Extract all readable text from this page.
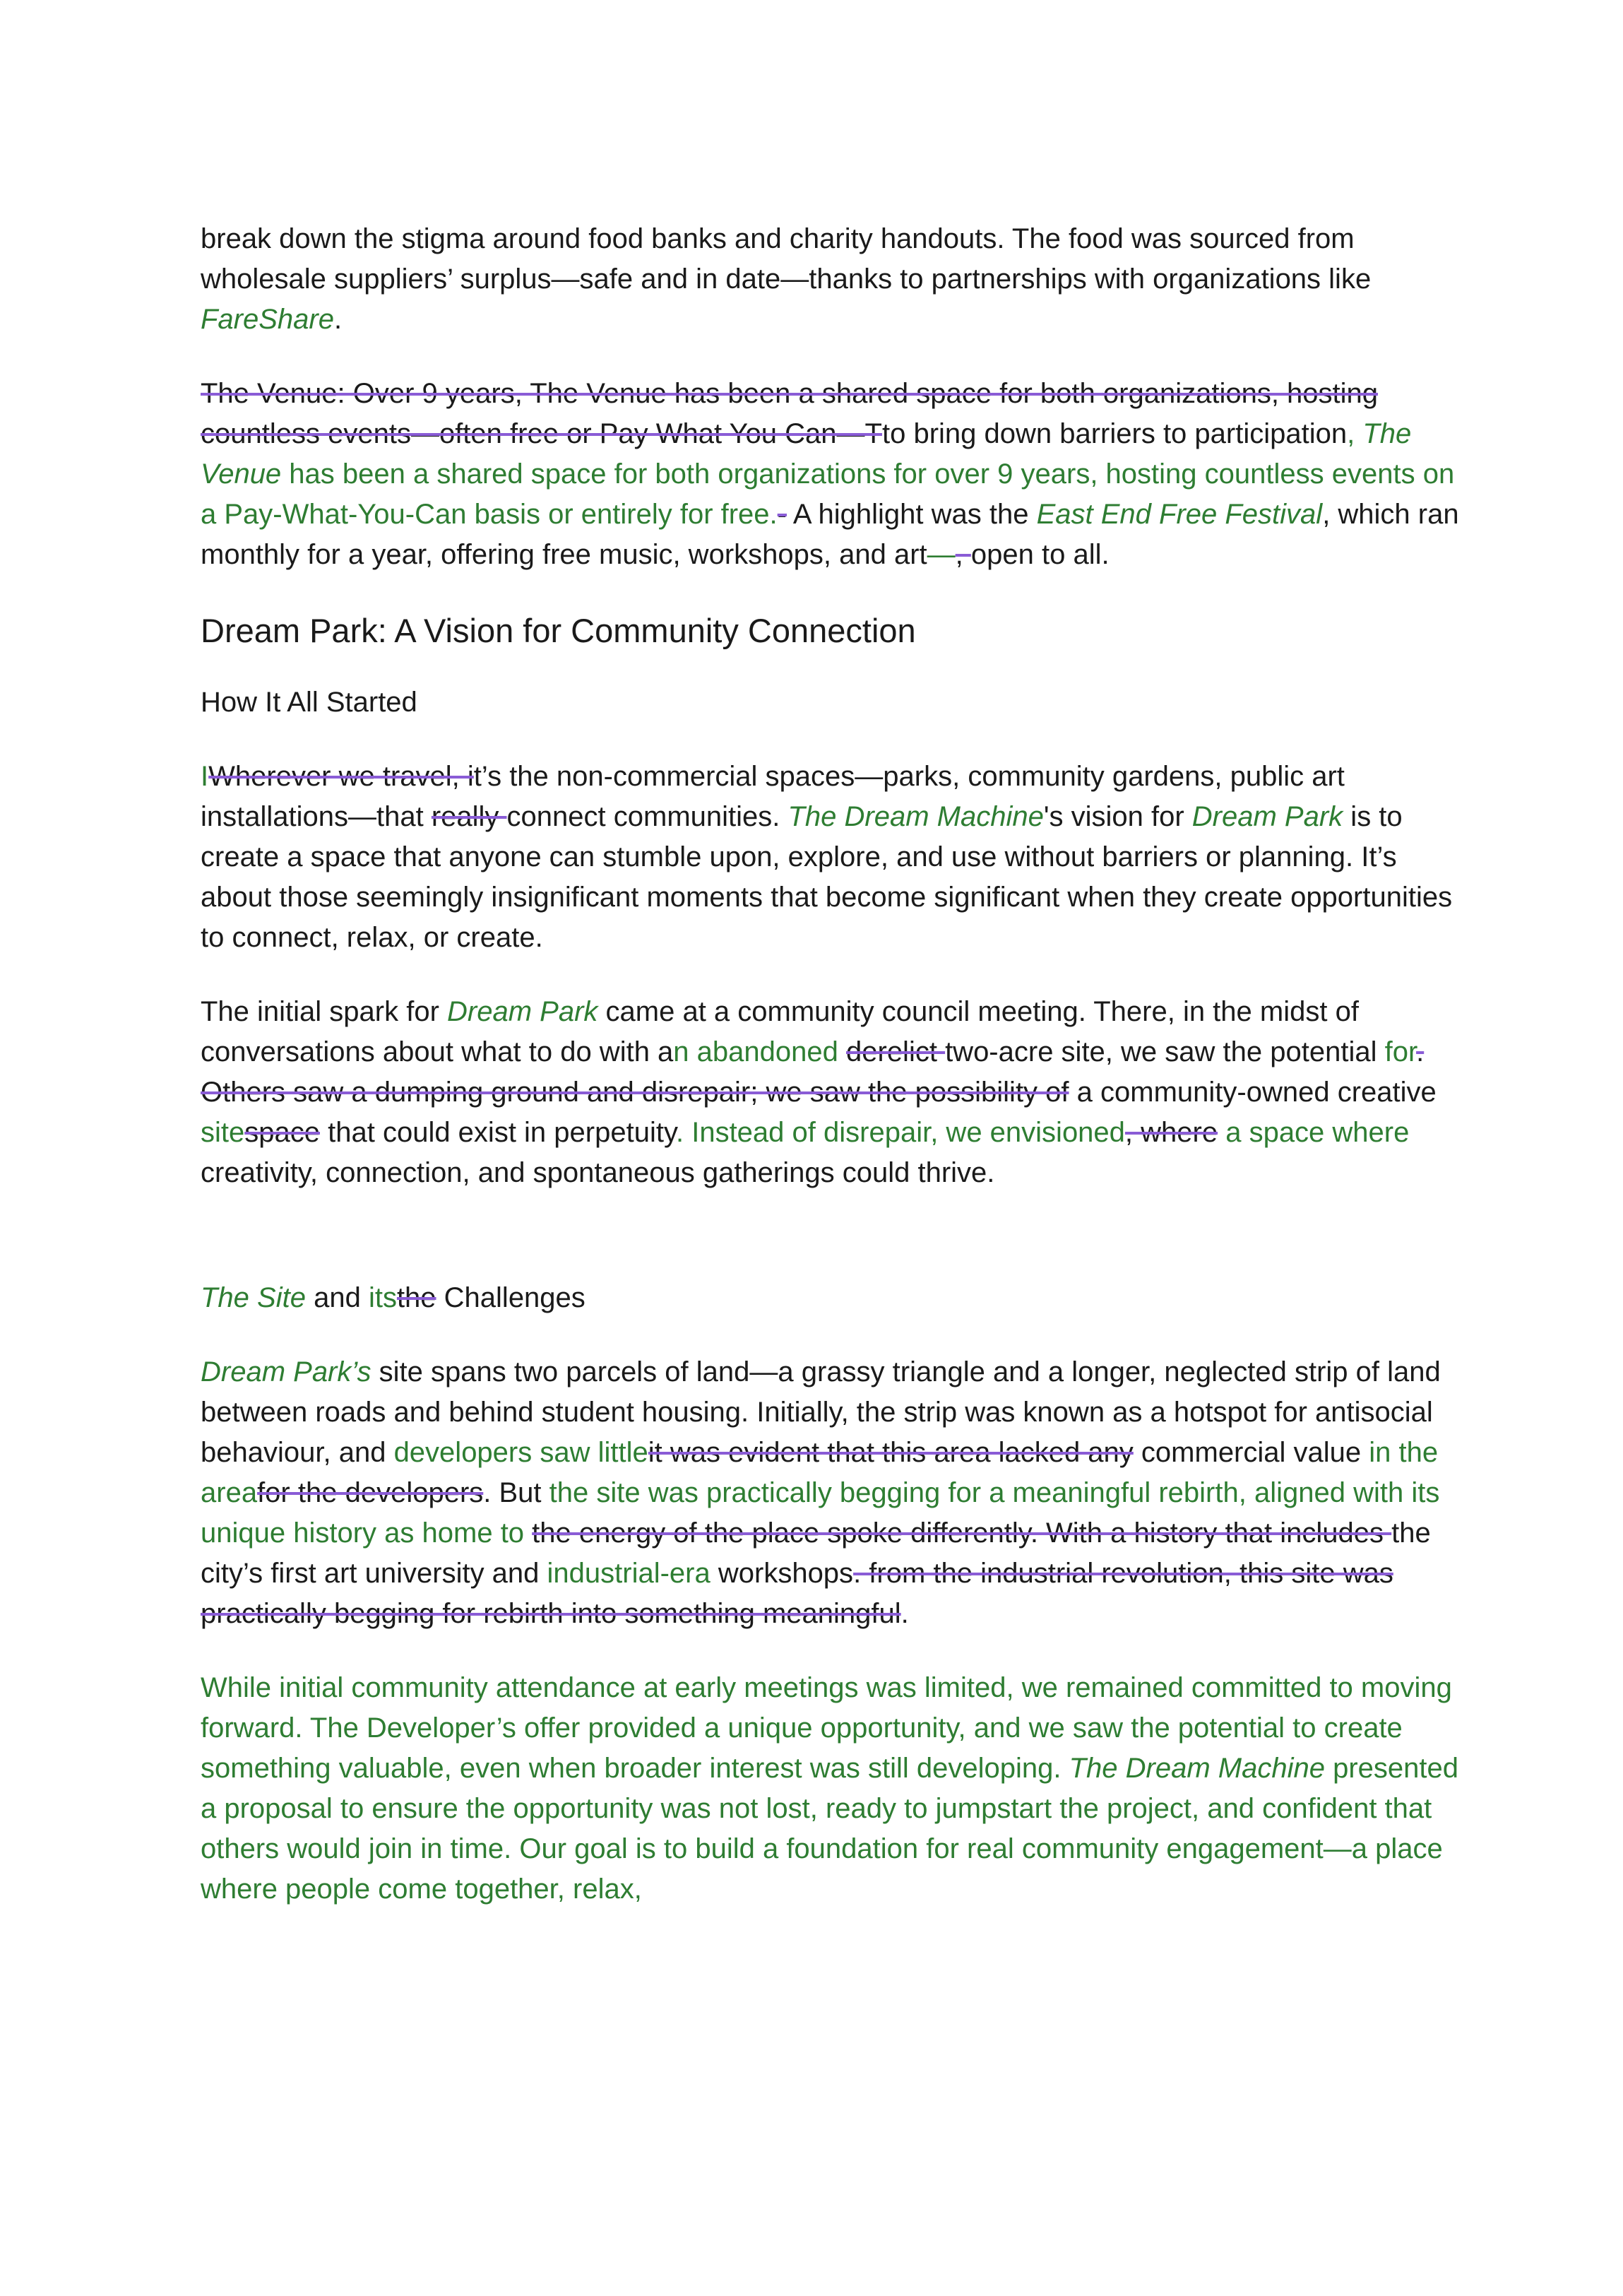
break down the stigma around food banks and charity handouts. The food was sourced from wholesale suppliers’ surplus—safe and in date—thanks to partnerships with organizations like FareShare.

The Venue: Over 9 years, The Venue has been a shared space for both organizations, hosting countless events—often free or Pay What You Can—Tto bring down barriers to participation, The Venue has been a shared space for both organizations for over 9 years, hosting countless events on a Pay-What-You-Can basis or entirely for free.- A highlight was the East End Free Festival, which ran monthly for a year, offering free music, workshops, and art—, open to all.

Dream Park: A Vision for Community Connection
How It All Started

IWherever we travel, it’s the non-commercial spaces—parks, community gardens, public art installations—that really connect communities. The Dream Machine's vision for Dream Park is to create a space that anyone can stumble upon, explore, and use without barriers or planning. It’s about those seemingly insignificant moments that become significant when they create opportunities to connect, relax, or create.

The initial spark for Dream Park came at a community council meeting. There, in the midst of conversations about what to do with an abandoned derelict two-acre site, we saw the potential for. Others saw a dumping ground and disrepair; we saw the possibility of a community-owned creative sitespace that could exist in perpetuity. Instead of disrepair, we envisioned, where a space where creativity, connection, and spontaneous gatherings could thrive.

The Site and itsthe Challenges

Dream Park’s site spans two parcels of land—a grassy triangle and a longer, neglected strip of land between roads and behind student housing. Initially, the strip was known as a hotspot for antisocial behaviour, and developers saw littleit was evident that this area lacked any commercial value in the areafor the developers. But the site was practically begging for a meaningful rebirth, aligned with its unique history as home to the energy of the place spoke differently. With a history that includes the city’s first art university and industrial-era workshops. from the industrial revolution, this site was practically begging for rebirth into something meaningful.

While initial community attendance at early meetings was limited, we remained committed to moving forward. The Developer’s offer provided a unique opportunity, and we saw the potential to create something valuable, even when broader interest was still developing. The Dream Machine presented a proposal to ensure the opportunity was not lost, ready to jumpstart the project, and confident that others would join in time. Our goal is to build a foundation for real community engagement—a place where people come together, relax,
